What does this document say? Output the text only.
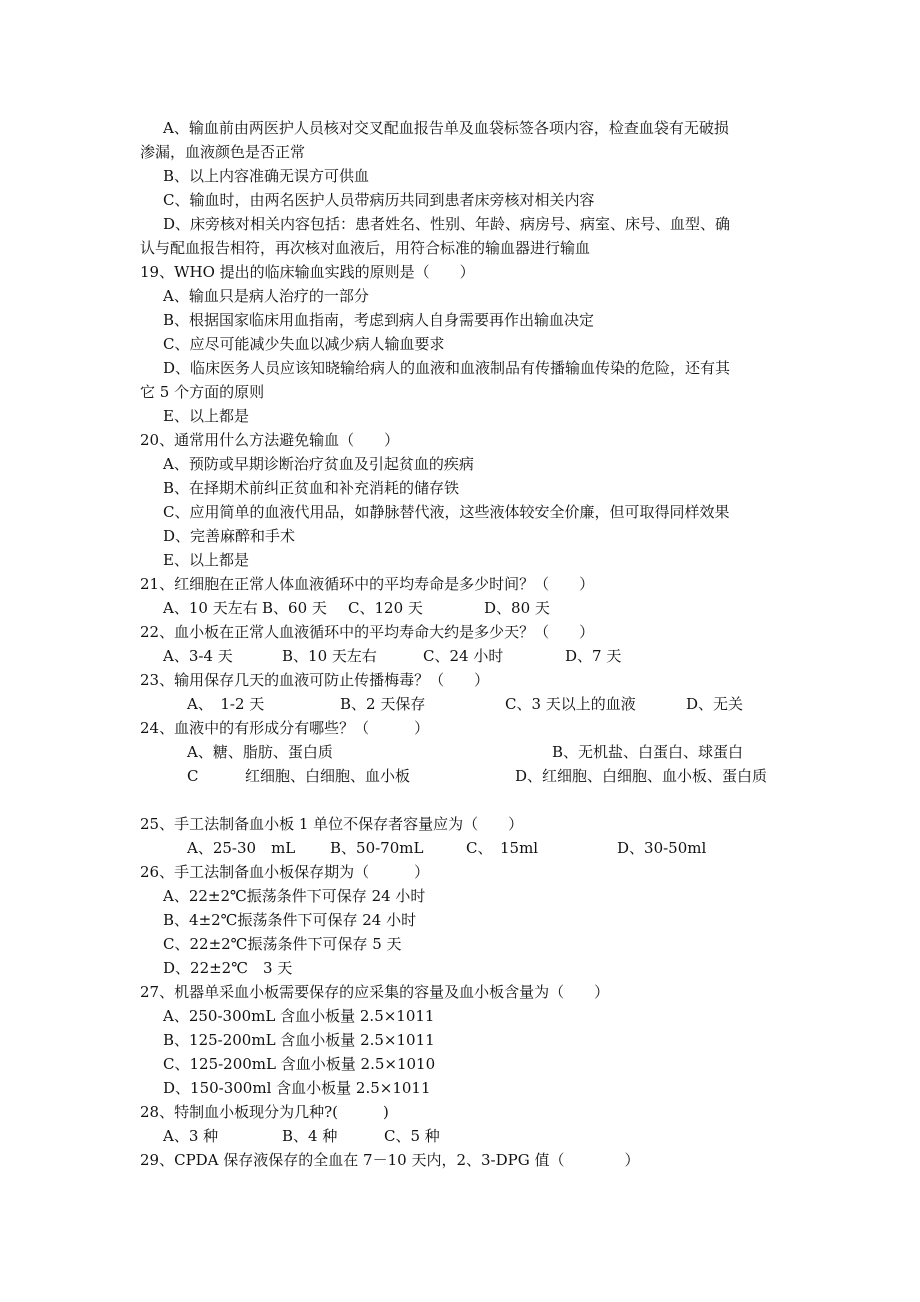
A、输血前由两医护人员核对交叉配血报告单及血袋标签各项内容，检查血袋有无破损
渗漏，血液颜色是否正常
B、以上内容准确无误方可供血
C、输血时，由两名医护人员带病历共同到患者床旁核对相关内容
D、床旁核对相关内容包括：患者姓名、性别、年龄、病房号、病室、床号、血型、确
认与配血报告相符，再次核对血液后，用符合标准的输血器进行输血
19、WHO 提出的临床输血实践的原则是（　　）
A、输血只是病人治疗的一部分
B、根据国家临床用血指南，考虑到病人自身需要再作出输血决定
C、应尽可能减少失血以减少病人输血要求
D、临床医务人员应该知晓输给病人的血液和血液制品有传播输血传染的危险，还有其
它 5 个方面的原则
E、以上都是
20、通常用什么方法避免输血（　　）
A、预防或早期诊断治疗贫血及引起贫血的疾病
B、在择期术前纠正贫血和补充消耗的储存铁
C、应用简单的血液代用品，如静脉替代液，这些液体较安全价廉，但可取得同样效果
D、完善麻醉和手术
E、以上都是
21、红细胞在正常人体血液循环中的平均寿命是多少时间？（　　）
A、10 天左右 B、60 天 C、120 天	D、80 天
22、血小板在正常人血液循环中的平均寿命大约是多少天？（　　）
A、3-4 天	B、10 天左右	C、24 小时	D、7 天
23、输用保存几天的血液可防止传播梅毒？（　　）
A、　1-2 天	B、2 天保存	C、3 天以上的血液	D、无关
24、血液中的有形成分有哪些？（　　　）
A、糖、脂肪、蛋白质	B、无机盐、白蛋白、球蛋白
C	红细胞、白细胞、血小板	D、红细胞、白细胞、血小板、蛋白质
25、手工法制备血小板 1 单位不保存者容量应为（　　）
A、25-30　mL B、50-70mL	C、　15ml	D、30-50ml
26、手工法制备血小板保存期为（　　　）
A、22±2℃振荡条件下可保存 24 小时
B、4±2℃振荡条件下可保存 24 小时
C、22±2℃振荡条件下可保存 5 天
D、22±2℃　3 天
27、机器单采血小板需要保存的应采集的容量及血小板含量为（　　）
A、250-300mL 含血小板量 2.5×1011
B、125-200mL 含血小板量 2.5×1011
C、125-200mL 含血小板量 2.5×1010
D、150-300ml 含血小板量 2.5×1011
28、特制血小板现分为几种?(　　　)
A、3 种	B、4 种	C、5 种
29、CPDA 保存液保存的全血在 7－10 天内，2、3-DPG 值（　　　　）
